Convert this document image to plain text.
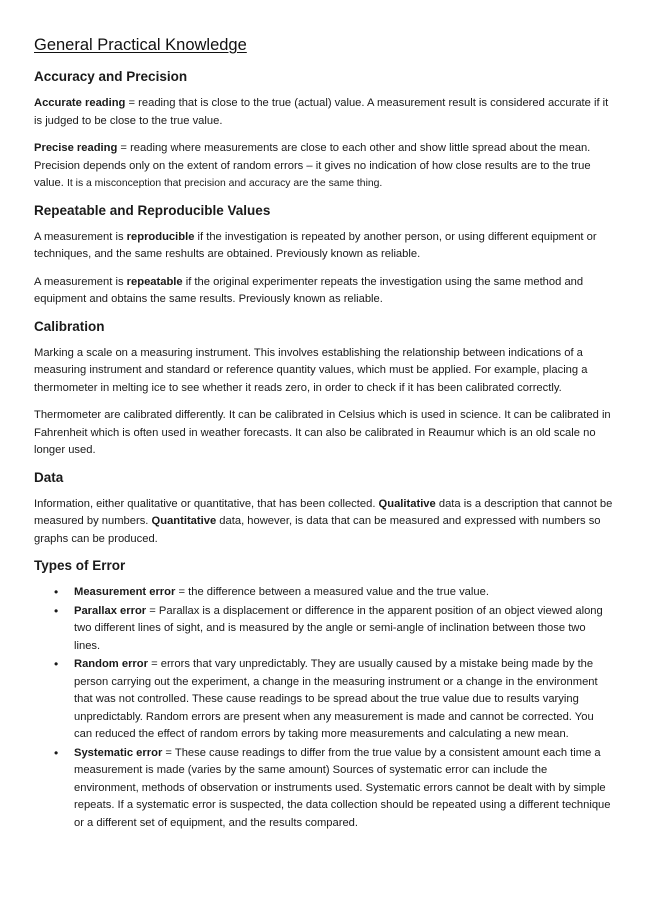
General Practical Knowledge
Accuracy and Precision

Accurate reading = reading that is close to the true (actual) value. A measurement result is considered accurate if it is judged to be close to the true value.

Precise reading = reading where measurements are close to each other and show little spread about the mean. Precision depends only on the extent of random errors – it gives no indication of how close results are to the true value. It is a misconception that precision and accuracy are the same thing.

Repeatable and Reproducible Values

A measurement is reproducible if the investigation is repeated by another person, or using different equipment or techniques, and the same reshults are obtained. Previously known as reliable.

A measurement is repeatable if the original experimenter repeats the investigation using the same method and equipment and obtains the same results. Previously known as reliable.

Calibration

Marking a scale on a measuring instrument. This involves establishing the relationship between indications of a measuring instrument and standard or reference quantity values, which must be applied. For example, placing a thermometer in melting ice to see whether it reads zero, in order to check if it has been calibrated correctly.

Thermometer are calibrated differently. It can be calibrated in Celsius which is used in science. It can be calibrated in Fahrenheit which is often used in weather forecasts. It can also be calibrated in Reaumur which is an old scale no longer used.

Data

Information, either qualitative or quantitative, that has been collected. Qualitative data is a description that cannot be measured by numbers. Quantitative data, however, is data that can be measured and expressed with numbers so graphs can be produced.

Types of Error
• Measurement error = the difference between a measured value and the true value.
• Parallax error = Parallax is a displacement or difference in the apparent position of an object viewed along two different lines of sight, and is measured by the angle or semi-angle of inclination between those two lines.
• Random error = errors that vary unpredictably. They are usually caused by a mistake being made by the person carrying out the experiment, a change in the measuring instrument or a change in the environment that was not controlled. These cause readings to be spread about the true value due to results varying unpredictably. Random errors are present when any measurement is made and cannot be corrected. You can reduced the effect of random errors by taking more measurements and calculating a new mean.
• Systematic error = These cause readings to differ from the true value by a consistent amount each time a measurement is made (varies by the same amount) Sources of systematic error can include the environment, methods of observation or instruments used. Systematic errors cannot be dealt with by simple repeats. If a systematic error is suspected, the data collection should be repeated using a different technique or a different set of equipment, and the results compared.
